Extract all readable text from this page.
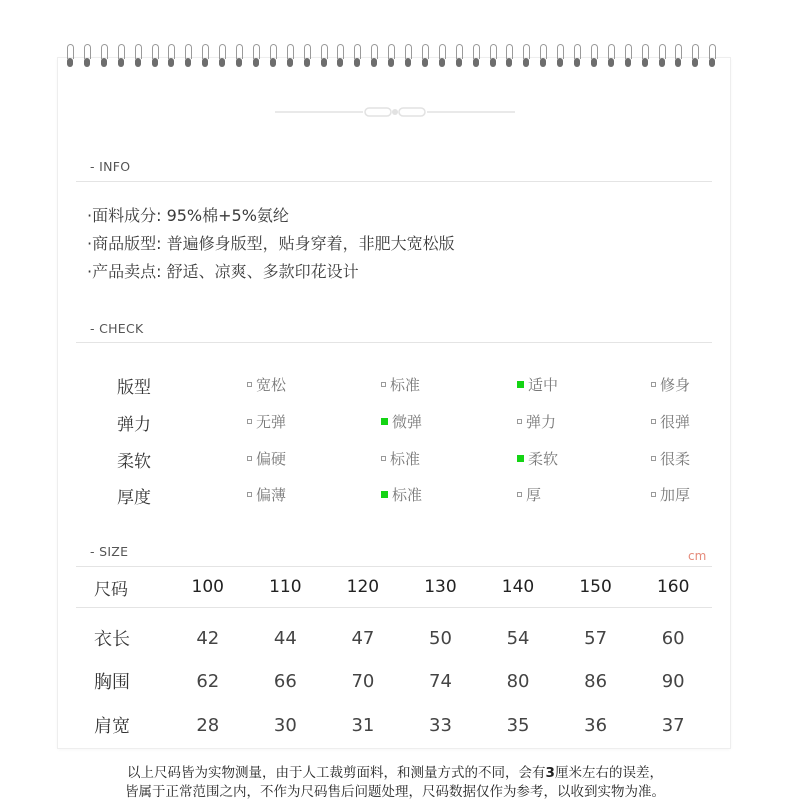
- INFO
·面料成分: 95%棉+5%氨纶
·商品版型: 普遍修身版型，贴身穿着，非肥大宽松版
·产品卖点: 舒适、凉爽、多款印花设计
- CHECK
版型	宽松	标准	适中	修身
弹力	无弹	微弹	弹力	很弹
柔软	偏硬	标准	柔软	很柔
厚度	偏薄	标准	厚	加厚
- SIZE	cm
尺码	100	110	120	130	140	150	160
衣长	42	44	47	50	54	57	60
胸围	62	66	70	74	80	86	90
肩宽	28	30	31	33	35	36	37
以上尺码皆为实物测量，由于人工裁剪面料，和测量方式的不同，会有3厘米左右的误差，
皆属于正常范围之内，不作为尺码售后问题处理，尺码数据仅作为参考，以收到实物为准。
